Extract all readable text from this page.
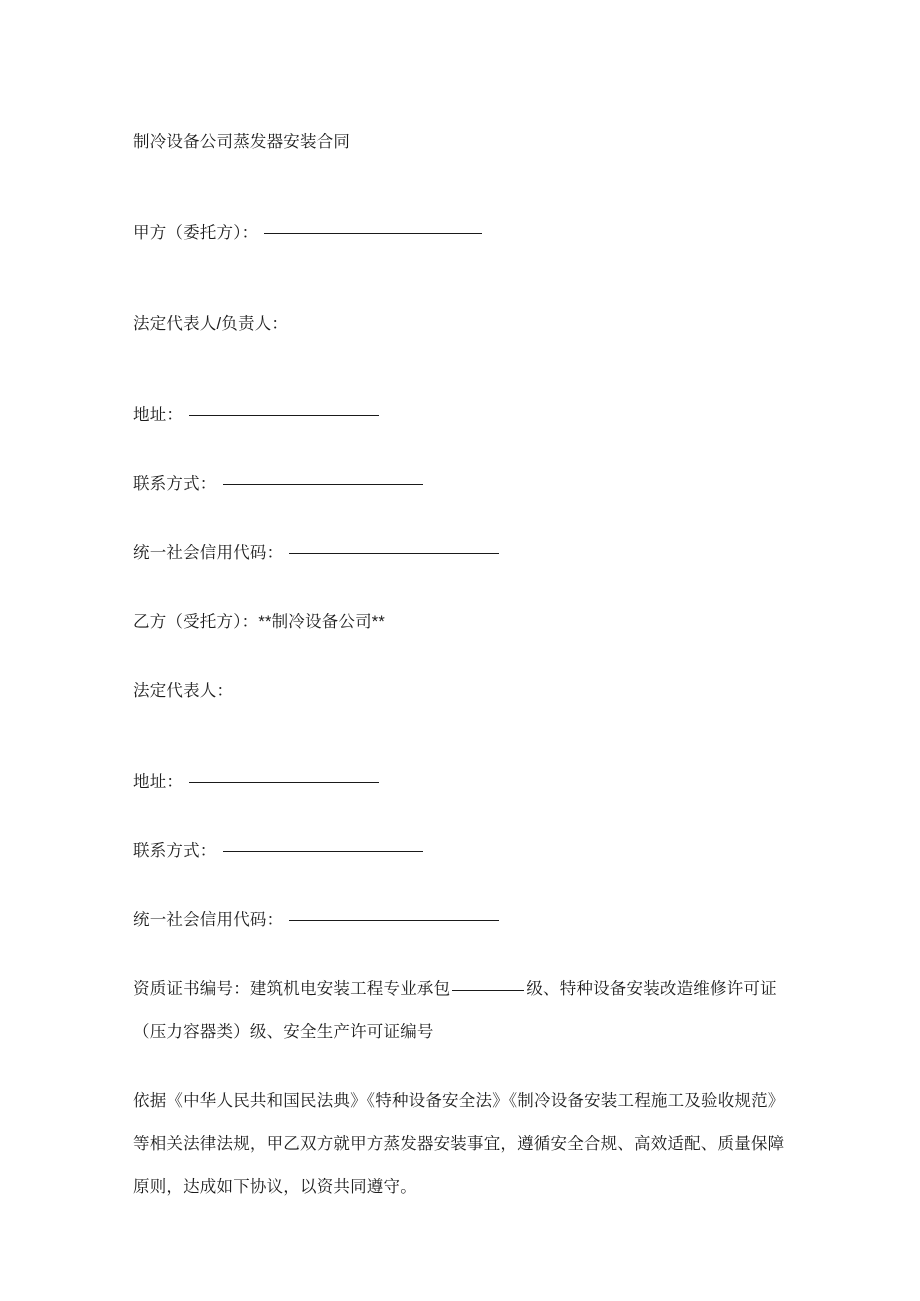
制冷设备公司蒸发器安装合同

甲方（委托方）：

法定代表人/负责人：

地址：

联系方式：

统一社会信用代码：

乙方（受托方）：**制冷设备公司**

法定代表人：

地址：

联系方式：

统一社会信用代码：

资质证书编号：建筑机电安装工程专业承包	级、特种设备安装改造维修许可证（压力容器类）级、安全生产许可证编号

依据《中华人民共和国民法典》《特种设备安全法》《制冷设备安装工程施工及验收规范》等相关法律法规，甲乙双方就甲方蒸发器安装事宜，遵循安全合规、高效适配、质量保障原则，达成如下协议，以资共同遵守。
